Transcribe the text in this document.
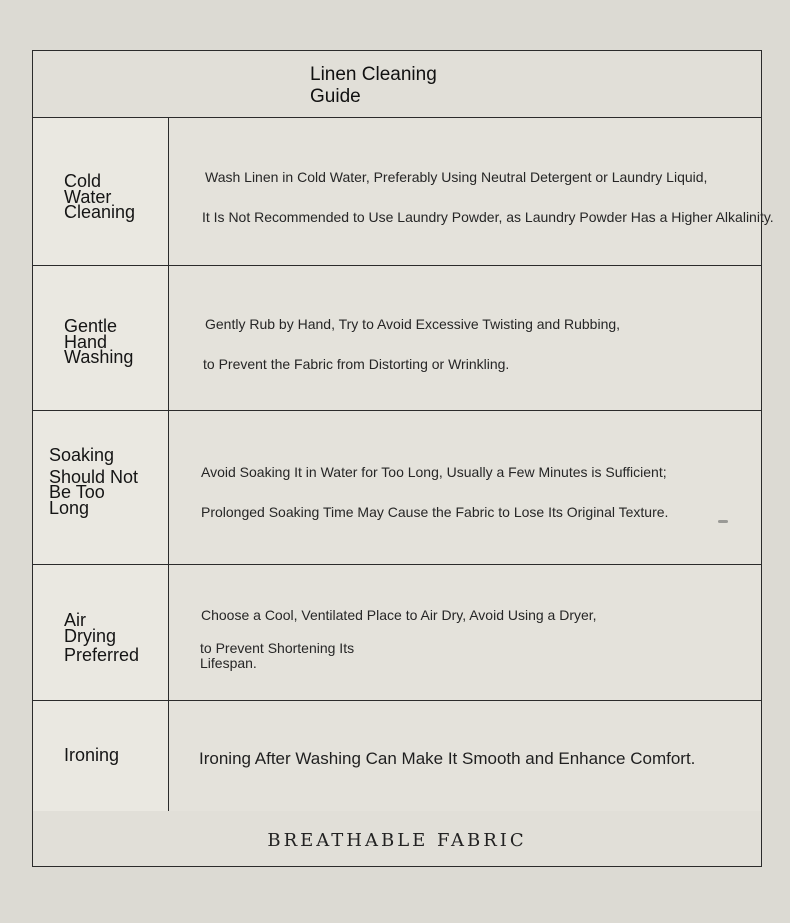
Linen Cleaning
Guide
Cold
Water
Cleaning
Wash Linen in Cold Water, Preferably Using Neutral Detergent or Laundry Liquid,
It Is Not Recommended to Use Laundry Powder, as Laundry Powder Has a Higher Alkalinity.
Gentle
Hand
Washing
Gently Rub by Hand, Try to Avoid Excessive Twisting and Rubbing,
to Prevent the Fabric from Distorting or Wrinkling.
Soaking
Should Not
Be Too
Long
Avoid Soaking It in Water for Too Long, Usually a Few Minutes is Sufficient;
Prolonged Soaking Time May Cause the Fabric to Lose Its Original Texture.
Air
Drying
Preferred
Choose a Cool, Ventilated Place to Air Dry, Avoid Using a Dryer,
to Prevent Shortening Its
Lifespan.
Ironing	Ironing After Washing Can Make It Smooth and Enhance Comfort.
BREATHABLE FABRIC
